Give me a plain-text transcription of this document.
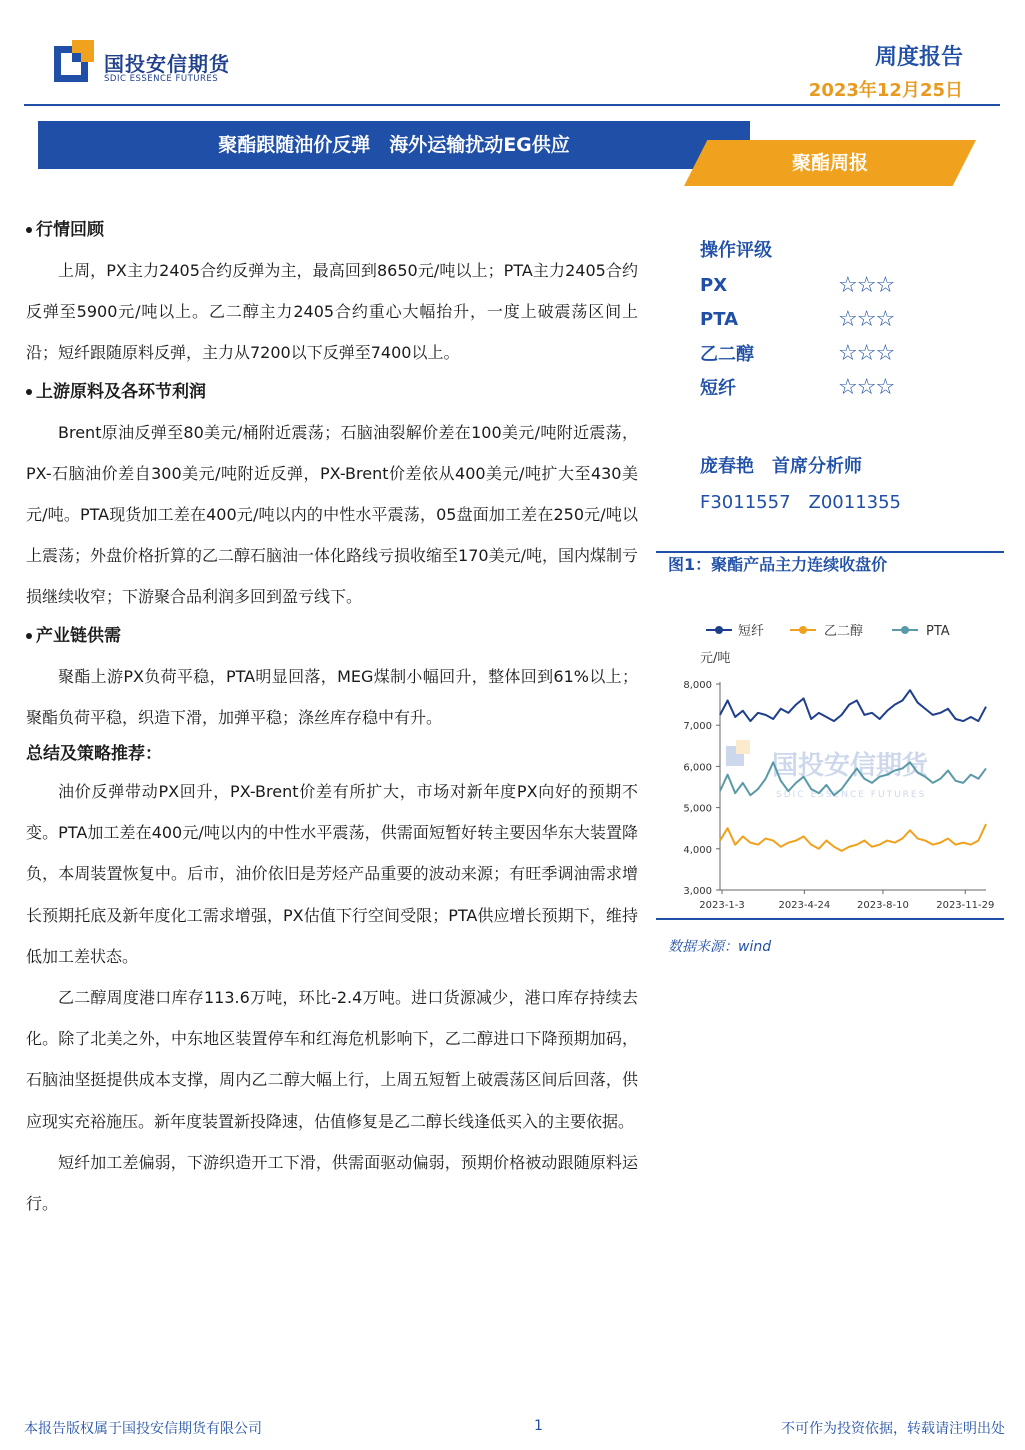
国投安信期货
SDIC ESSENCE FUTURES
周度报告
2023年12月25日
聚酯跟随油价反弹　海外运输扰动EG供应
聚酯周报
行情回顾

上周，PX主力2405合约反弹为主，最高回到8650元/吨以上；PTA主力2405合约反弹至5900元/吨以上。乙二醇主力2405合约重心大幅抬升，一度上破震荡区间上沿；短纤跟随原料反弹，主力从7200以下反弹至7400以上。

上游原料及各环节利润

Brent原油反弹至80美元/桶附近震荡；石脑油裂解价差在100美元/吨附近震荡，PX-石脑油价差自300美元/吨附近反弹，PX-Brent价差依从400美元/吨扩大至430美元/吨。PTA现货加工差在400元/吨以内的中性水平震荡，05盘面加工差在250元/吨以上震荡；外盘价格折算的乙二醇石脑油一体化路线亏损收缩至170美元/吨，国内煤制亏损继续收窄；下游聚合品利润多回到盈亏线下。

产业链供需

聚酯上游PX负荷平稳，PTA明显回落，MEG煤制小幅回升，整体回到61%以上；聚酯负荷平稳，织造下滑，加弹平稳；涤丝库存稳中有升。

总结及策略推荐：

油价反弹带动PX回升，PX-Brent价差有所扩大，市场对新年度PX向好的预期不变。PTA加工差在400元/吨以内的中性水平震荡，供需面短暂好转主要因华东大装置降负，本周装置恢复中。后市，油价依旧是芳烃产品重要的波动来源；有旺季调油需求增长预期托底及新年度化工需求增强，PX估值下行空间受限；PTA供应增长预期下，维持低加工差状态。

乙二醇周度港口库存113.6万吨，环比-2.4万吨。进口货源减少，港口库存持续去化。除了北美之外，中东地区装置停车和红海危机影响下，乙二醇进口下降预期加码，石脑油坚挺提供成本支撑，周内乙二醇大幅上行，上周五短暂上破震荡区间后回落，供应现实充裕施压。新年度装置新投降速，估值修复是乙二醇长线逢低买入的主要依据。

短纤加工差偏弱，下游织造开工下滑，供需面驱动偏弱，预期价格被动跟随原料运行。

操作评级
PX	☆☆☆
PTA	☆☆☆
乙二醇	☆☆☆
短纤	☆☆☆
庞春艳　首席分析师
F3011557　Z0011355
图1：聚酯产品主力连续收盘价
短纤	乙二醇	PTA
元/吨
国投安信期货
SDIC ESSENCE FUTURES
3,000
4,000
5,000
6,000
7,000
8,000
2023-1-3	2023-4-24	2023-8-10	2023-11-29
数据来源：wind
本报告版权属于国投安信期货有限公司	1	不可作为投资依据，转载请注明出处
